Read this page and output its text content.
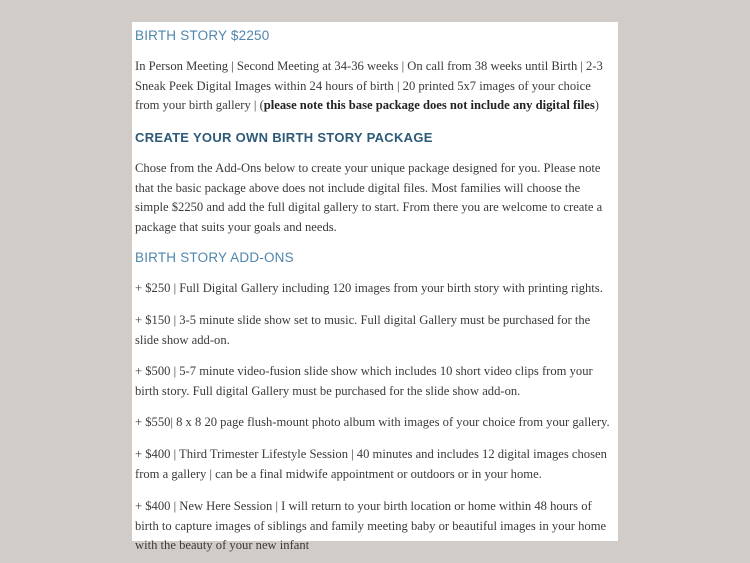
BIRTH STORY $2250
In Person Meeting | Second Meeting at 34-36 weeks | On call from 38 weeks until Birth | 2-3 Sneak Peek Digital Images within 24 hours of birth | 20 printed 5x7 images of your choice from your birth gallery | (please note this base package does not include any digital files)
CREATE YOUR OWN BIRTH STORY PACKAGE
Chose from the Add-Ons below to create your unique package designed for you. Please note that the basic package above does not include digital files. Most families will choose the simple $2250 and add the full digital gallery to start. From there you are welcome to create a package that suits your goals and needs.
BIRTH STORY ADD-ONS
+ $250 | Full Digital Gallery including 120 images from your birth story with printing rights.
+ $150 | 3-5 minute slide show set to music. Full digital Gallery must be purchased for the slide show add-on.
+ $500 | 5-7 minute video-fusion slide show which includes 10 short video clips from your birth story. Full digital Gallery must be purchased for the slide show add-on.
+ $550| 8 x 8 20 page flush-mount photo album with images of your choice from your gallery.
+ $400 | Third Trimester Lifestyle Session | 40 minutes and includes 12 digital images chosen from a gallery | can be a final midwife appointment or outdoors or in your home.
+ $400 | New Here Session | I will return to your birth location or home within 48 hours of birth to capture images of siblings and family meeting baby or beautiful images in your home with the beauty of your new infant
